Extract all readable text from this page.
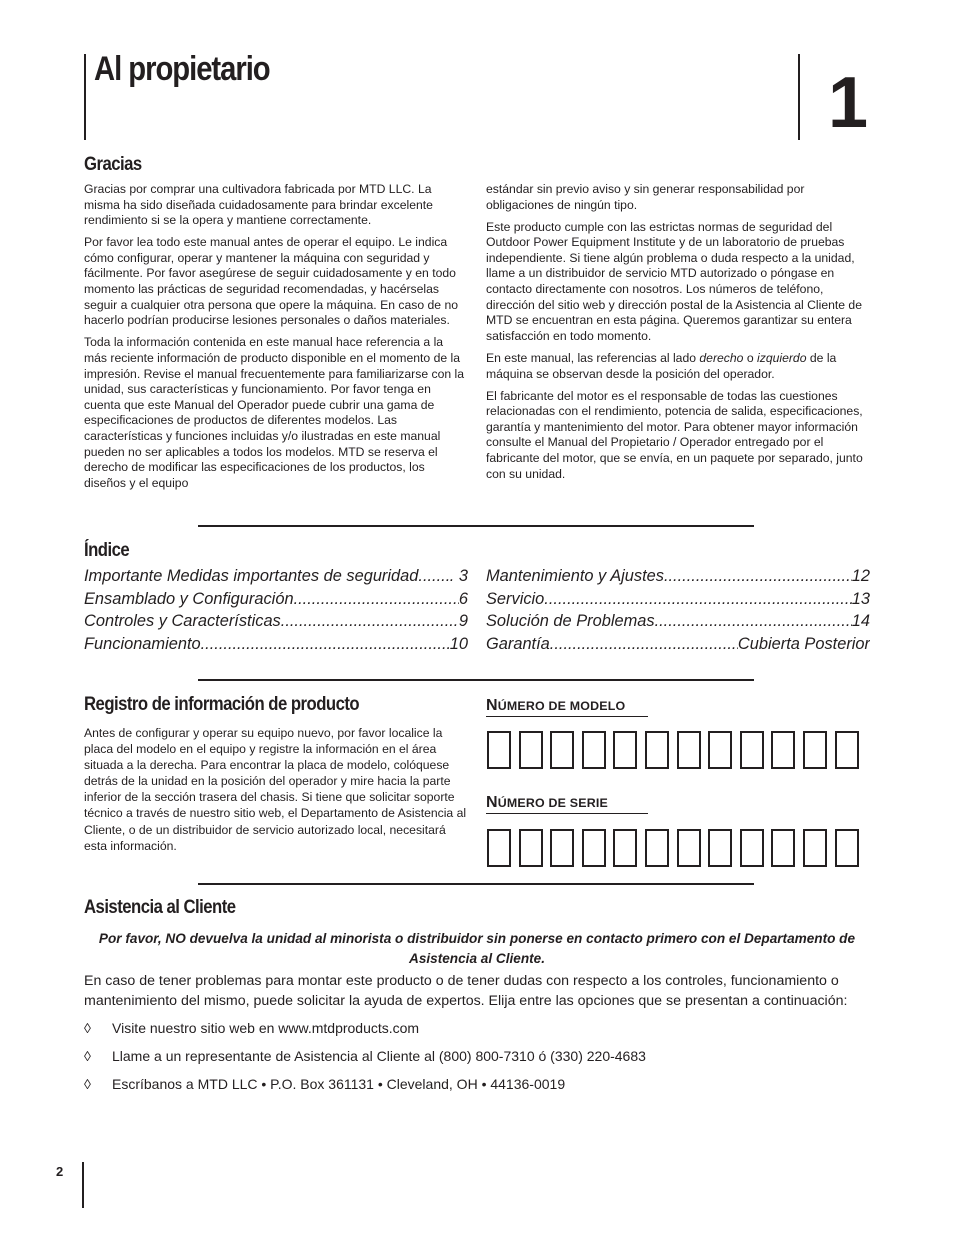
Al propietario	1
Gracias

Gracias por comprar una cultivadora fabricada por MTD LLC. La misma ha sido diseñada cuidadosamente para brindar excelente rendimiento si se la opera y mantiene correctamente.

Por favor lea todo este manual antes de operar el equipo. Le indica cómo configurar, operar y mantener la máquina con seguridad y fácilmente. Por favor asegúrese de seguir cuidadosamente y en todo momento las prácticas de seguridad recomendadas, y hacérselas seguir a cualquier otra persona que opere la máquina. En caso de no hacerlo podrían producirse lesiones personales o daños materiales.

Toda la información contenida en este manual hace referencia a la más reciente información de producto disponible en el momento de la impresión. Revise el manual frecuentemente para familiarizarse con la unidad, sus características y funcionamiento. Por favor tenga en cuenta que este Manual del Operador puede cubrir una gama de especificaciones de productos de diferentes modelos. Las características y funciones incluidas y/o ilustradas en este manual pueden no ser aplicables a todos los modelos. MTD se reserva el derecho de modificar las especificaciones de los productos, los diseños y el equipo

estándar sin previo aviso y sin generar responsabilidad por obligaciones de ningún tipo.

Este producto cumple con las estrictas normas de seguridad del Outdoor Power Equipment Institute y de un laboratorio de pruebas independiente. Si tiene algún problema o duda respecto a la unidad, llame a un distribuidor de servicio MTD autorizado o póngase en contacto directamente con nosotros. Los números de teléfono, dirección del sitio web y dirección postal de la Asistencia al Cliente de MTD se encuentran en esta página. Queremos garantizar su entera satisfacción en todo momento.

En este manual, las referencias al lado derecho o izquierdo de la máquina se observan desde la posición del operador.

El fabricante del motor es el responsable de todas las cuestiones relacionadas con el rendimiento, potencia de salida, especificaciones, garantía y mantenimiento del motor. Para obtener mayor información consulte el Manual del Propietario / Operador entregado por el fabricante del motor, que se envía, en un paquete por separado, junto con su unidad.

Índice
Importante Medidas importantes de seguridad ..... . 3
Ensamblado y Configuración .....	6
Controles y Características .....	9
Funcionamiento .....	10
Mantenimiento y Ajustes .....	12
Servicio .....	13
Solución de Problemas .....	14
Garantía .....	Cubierta Posterior
Registro de información de producto

Antes de configurar y operar su equipo nuevo, por favor localice la placa del modelo en el equipo y registre la información en el área situada a la derecha. Para encontrar la placa de modelo, colóquese detrás de la unidad en la posición del operador y mire hacia la parte inferior de la sección trasera del chasis. Si tiene que solicitar soporte técnico a través de nuestro sitio web, el Departamento de Asistencia al Cliente, o de un distribuidor de servicio autorizado local, necesitará esta información.

NÚMERO DE MODELO
NÚMERO DE SERIE
Asistencia al Cliente
Por favor, NO devuelva la unidad al minorista o distribuidor sin ponerse en contacto primero con el Departamento de Asistencia al Cliente.
En caso de tener problemas para montar este producto o de tener dudas con respecto a los controles, funcionamiento o mantenimiento del mismo, puede solicitar la ayuda de expertos. Elija entre las opciones que se presentan a continuación:
◊	Visite nuestro sitio web en www.mtdproducts.com
◊	Llame a un representante de Asistencia al Cliente al (800) 800-7310 ó (330) 220-4683
◊	Escríbanos a MTD LLC • P.O. Box 361131 • Cleveland, OH • 44136-0019
2
